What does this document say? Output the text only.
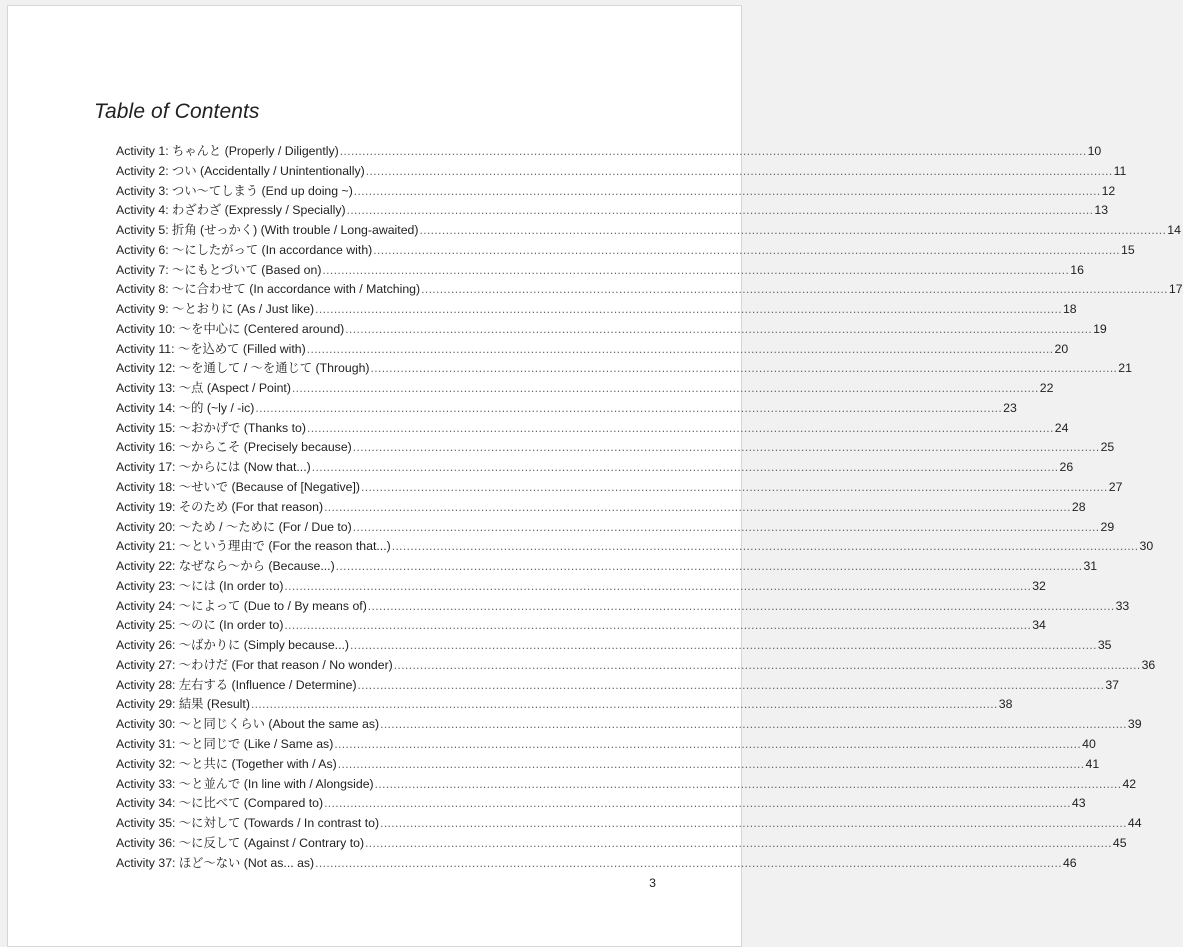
Table of Contents
Activity 1: ちゃんと (Properly / Diligently) ........................................................................................................................................................................................................ 10
Activity 2: つい (Accidentally / Unintentionally) ........................................................................................................................................................................................................ 11
Activity 3: つい～てしまう (End up doing ~) ........................................................................................................................................................................................................ 12
Activity 4: わざわざ (Expressly / Specially) ........................................................................................................................................................................................................ 13
Activity 5: 折角 (せっかく) (With trouble / Long-awaited) ........................................................................................................................................................................................................ 14
Activity 6: ～にしたがって (In accordance with) ........................................................................................................................................................................................................ 15
Activity 7: ～にもとづいて (Based on) ........................................................................................................................................................................................................ 16
Activity 8: ～に合わせて (In accordance with / Matching) ........................................................................................................................................................................................................ 17
Activity 9: ～とおりに (As / Just like) ........................................................................................................................................................................................................ 18
Activity 10: ～を中心に (Centered around) ........................................................................................................................................................................................................ 19
Activity 11: ～を込めて (Filled with) ........................................................................................................................................................................................................ 20
Activity 12: ～を通して / ～を通じて (Through) ........................................................................................................................................................................................................ 21
Activity 13: ～点 (Aspect / Point) ........................................................................................................................................................................................................ 22
Activity 14: ～的 (~ly / -ic) ........................................................................................................................................................................................................ 23
Activity 15: ～おかげで (Thanks to) ........................................................................................................................................................................................................ 24
Activity 16: ～からこそ (Precisely because) ........................................................................................................................................................................................................ 25
Activity 17: ～からには (Now that...) ........................................................................................................................................................................................................ 26
Activity 18: ～せいで (Because of [Negative]) ........................................................................................................................................................................................................ 27
Activity 19: そのため (For that reason) ........................................................................................................................................................................................................ 28
Activity 20: ～ため / ～ために (For / Due to) ........................................................................................................................................................................................................ 29
Activity 21: ～という理由で (For the reason that...) ........................................................................................................................................................................................................ 30
Activity 22: なぜなら～から (Because...) ........................................................................................................................................................................................................ 31
Activity 23: ～には (In order to) ........................................................................................................................................................................................................ 32
Activity 24: ～によって (Due to / By means of) ........................................................................................................................................................................................................ 33
Activity 25: ～のに (In order to) ........................................................................................................................................................................................................ 34
Activity 26: ～ばかりに (Simply because...) ........................................................................................................................................................................................................ 35
Activity 27: ～わけだ (For that reason / No wonder) ........................................................................................................................................................................................................ 36
Activity 28: 左右する (Influence / Determine) ........................................................................................................................................................................................................ 37
Activity 29: 結果 (Result) ........................................................................................................................................................................................................ 38
Activity 30: ～と同じくらい (About the same as) ........................................................................................................................................................................................................ 39
Activity 31: ～と同じで (Like / Same as) ........................................................................................................................................................................................................ 40
Activity 32: ～と共に (Together with / As) ........................................................................................................................................................................................................ 41
Activity 33: ～と並んで (In line with / Alongside) ........................................................................................................................................................................................................ 42
Activity 34: ～に比べて (Compared to) ........................................................................................................................................................................................................ 43
Activity 35: ～に対して (Towards / In contrast to) ........................................................................................................................................................................................................ 44
Activity 36: ～に反して (Against / Contrary to) ........................................................................................................................................................................................................ 45
Activity 37: ほど～ない (Not as... as) ........................................................................................................................................................................................................ 46
3
